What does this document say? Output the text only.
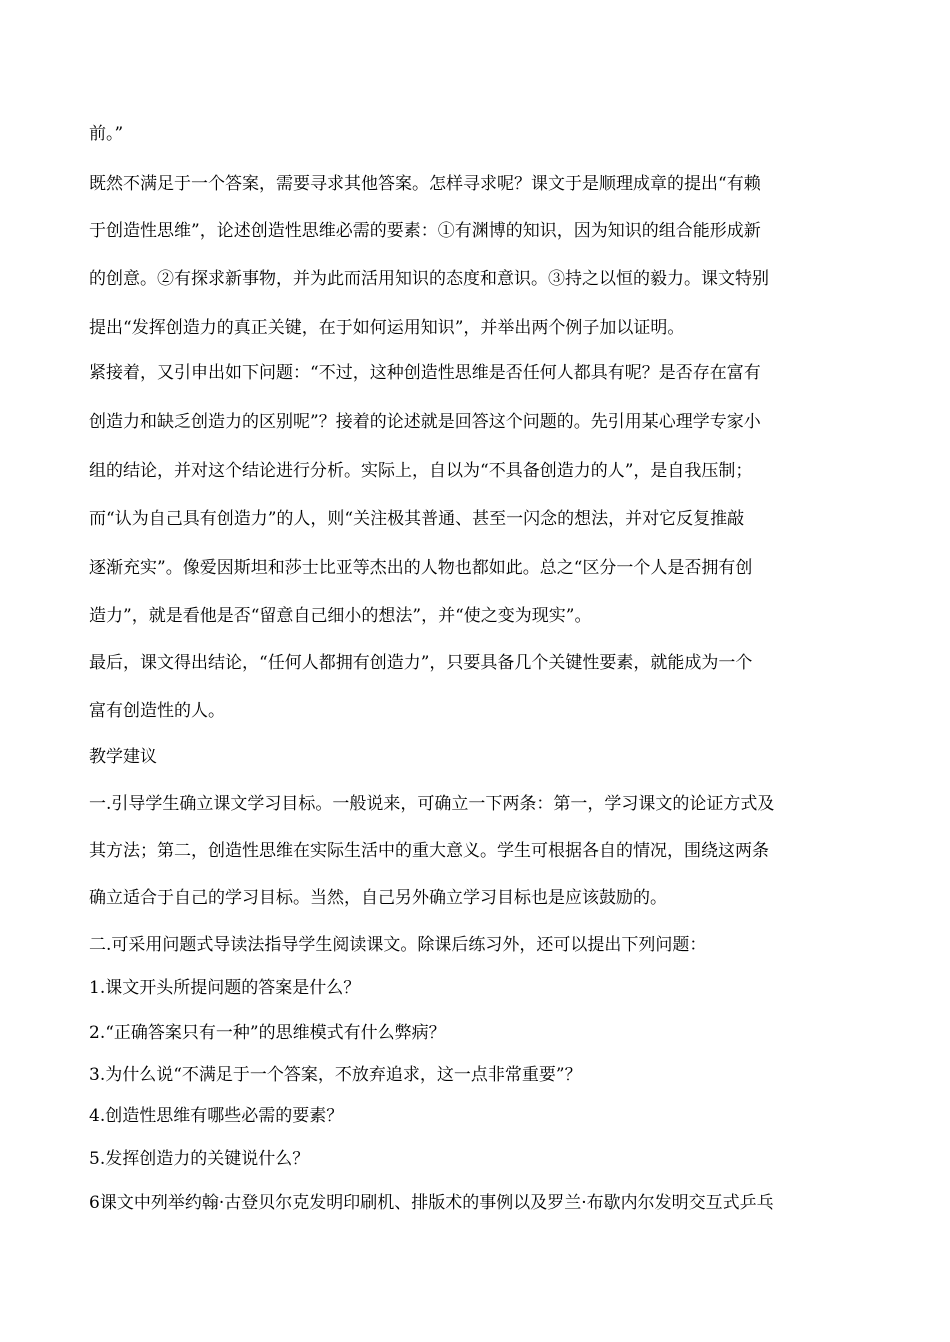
前。”
既然不满足于一个答案，需要寻求其他答案。怎样寻求呢？课文于是顺理成章的提出“有赖
于创造性思维”，论述创造性思维必需的要素：①有渊博的知识，因为知识的组合能形成新
的创意。②有探求新事物，并为此而活用知识的态度和意识。③持之以恒的毅力。课文特别
提出“发挥创造力的真正关键，在于如何运用知识”，并举出两个例子加以证明。
紧接着，又引申出如下问题：“不过，这种创造性思维是否任何人都具有呢？是否存在富有
创造力和缺乏创造力的区别呢”？接着的论述就是回答这个问题的。先引用某心理学专家小
组的结论，并对这个结论进行分析。实际上，自以为“不具备创造力的人”，是自我压制；
而“认为自己具有创造力”的人，则“关注极其普通、甚至一闪念的想法，并对它反复推敲
逐渐充实”。像爱因斯坦和莎士比亚等杰出的人物也都如此。总之“区分一个人是否拥有创
造力”，就是看他是否“留意自己细小的想法”，并“使之变为现实”。
最后，课文得出结论，“任何人都拥有创造力”，只要具备几个关键性要素，就能成为一个
富有创造性的人。
教学建议
一.引导学生确立课文学习目标。一般说来，可确立一下两条：第一，学习课文的论证方式及
其方法；第二，创造性思维在实际生活中的重大意义。学生可根据各自的情况，围绕这两条
确立适合于自己的学习目标。当然，自己另外确立学习目标也是应该鼓励的。
二.可采用问题式导读法指导学生阅读课文。除课后练习外，还可以提出下列问题：
1.课文开头所提问题的答案是什么？
2.“正确答案只有一种”的思维模式有什么弊病？
3.为什么说“不满足于一个答案，不放弃追求，这一点非常重要”？
4.创造性思维有哪些必需的要素？
5.发挥创造力的关键说什么？
6课文中列举约翰·古登贝尔克发明印刷机、排版术的事例以及罗兰·布歇内尔发明交互式乒乓
